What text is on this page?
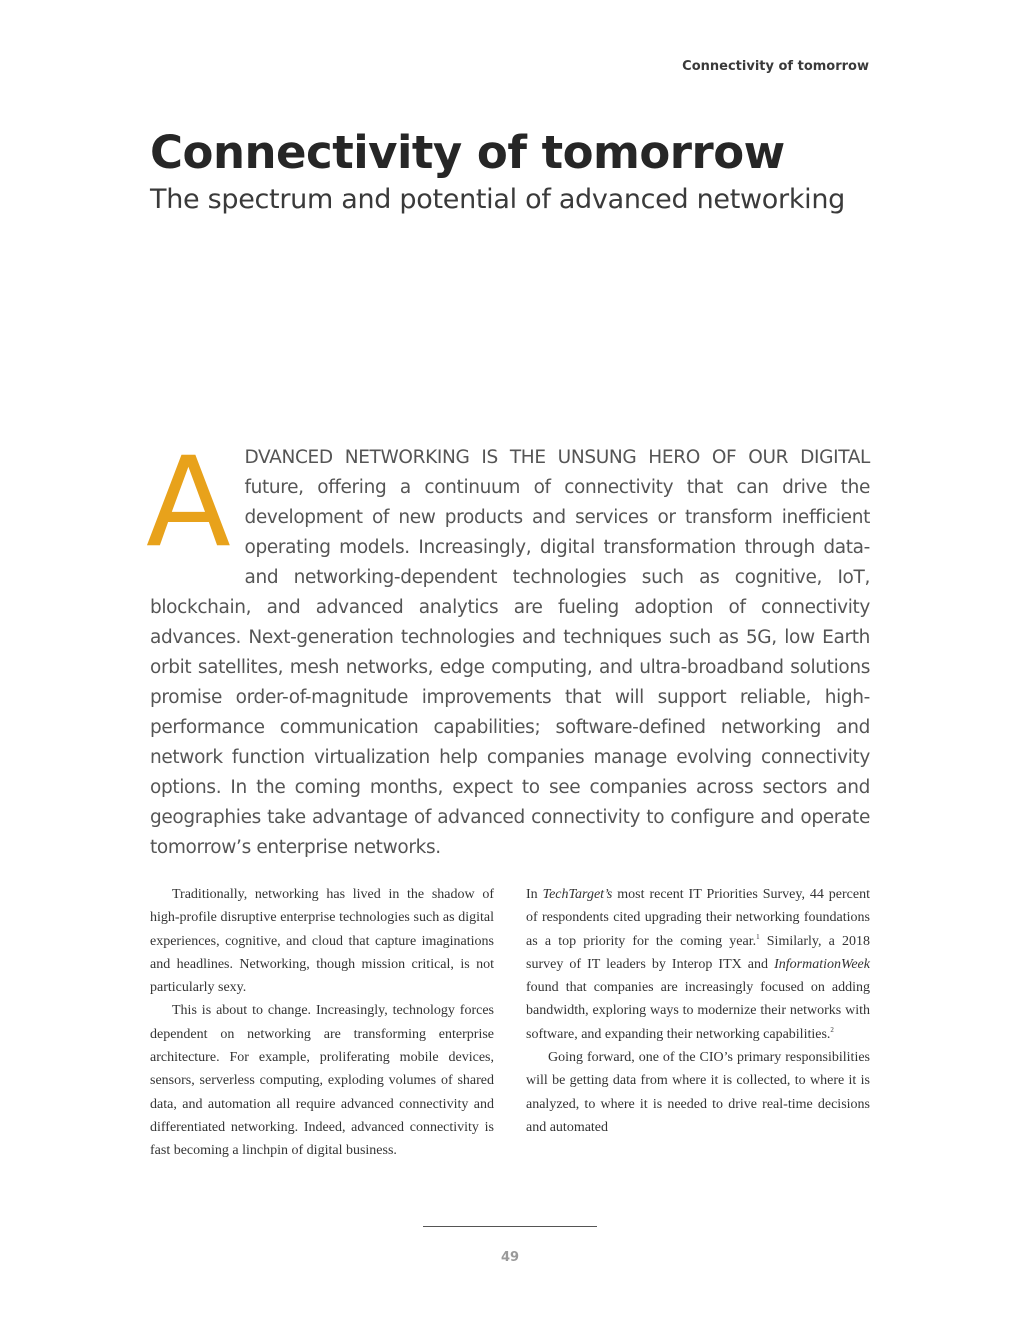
Connectivity of tomorrow
Connectivity of tomorrow
The spectrum and potential of advanced networking

ADVANCED NETWORKING IS THE UNSUNG HERO OF OUR DIGITAL future, offering a continuum of connectivity that can drive the development of new products and services or transform inefficient operating models. Increasingly, digital transformation through data- and networking-dependent technologies such as cognitive, IoT, blockchain, and advanced analytics are fueling adoption of connectivity advances. Next-generation technologies and techniques such as 5G, low Earth orbit satellites, mesh networks, edge computing, and ultra-broadband solutions promise order-of-magnitude improvements that will support reliable, high-performance communication capabilities; software-defined networking and network function virtualization help companies manage evolving connectivity options. In the coming months, expect to see companies across sectors and geographies take advantage of advanced connectivity to configure and operate tomorrow’s enterprise networks.

Traditionally, networking has lived in the shadow of high-profile disruptive enterprise technologies such as digital experiences, cognitive, and cloud that capture imaginations and headlines. Networking, though mission critical, is not particularly sexy.

This is about to change. Increasingly, technology forces dependent on networking are transforming enterprise architecture. For example, proliferating mobile devices, sensors, serverless computing, exploding volumes of shared data, and automation all require advanced connectivity and differentiated networking. Indeed, advanced connectivity is fast becoming a linchpin of digital business.

In TechTarget’s most recent IT Priorities Survey, 44 percent of respondents cited upgrading their networking foundations as a top priority for the coming year.$^1$ Similarly, a 2018 survey of IT leaders by Interop ITX and InformationWeek found that companies are increasingly focused on adding bandwidth, exploring ways to modernize their networks with software, and expanding their networking capabilities.$^2$

Going forward, one of the CIO’s primary responsibilities will be getting data from where it is collected, to where it is analyzed, to where it is needed to drive real-time decisions and automated

49
